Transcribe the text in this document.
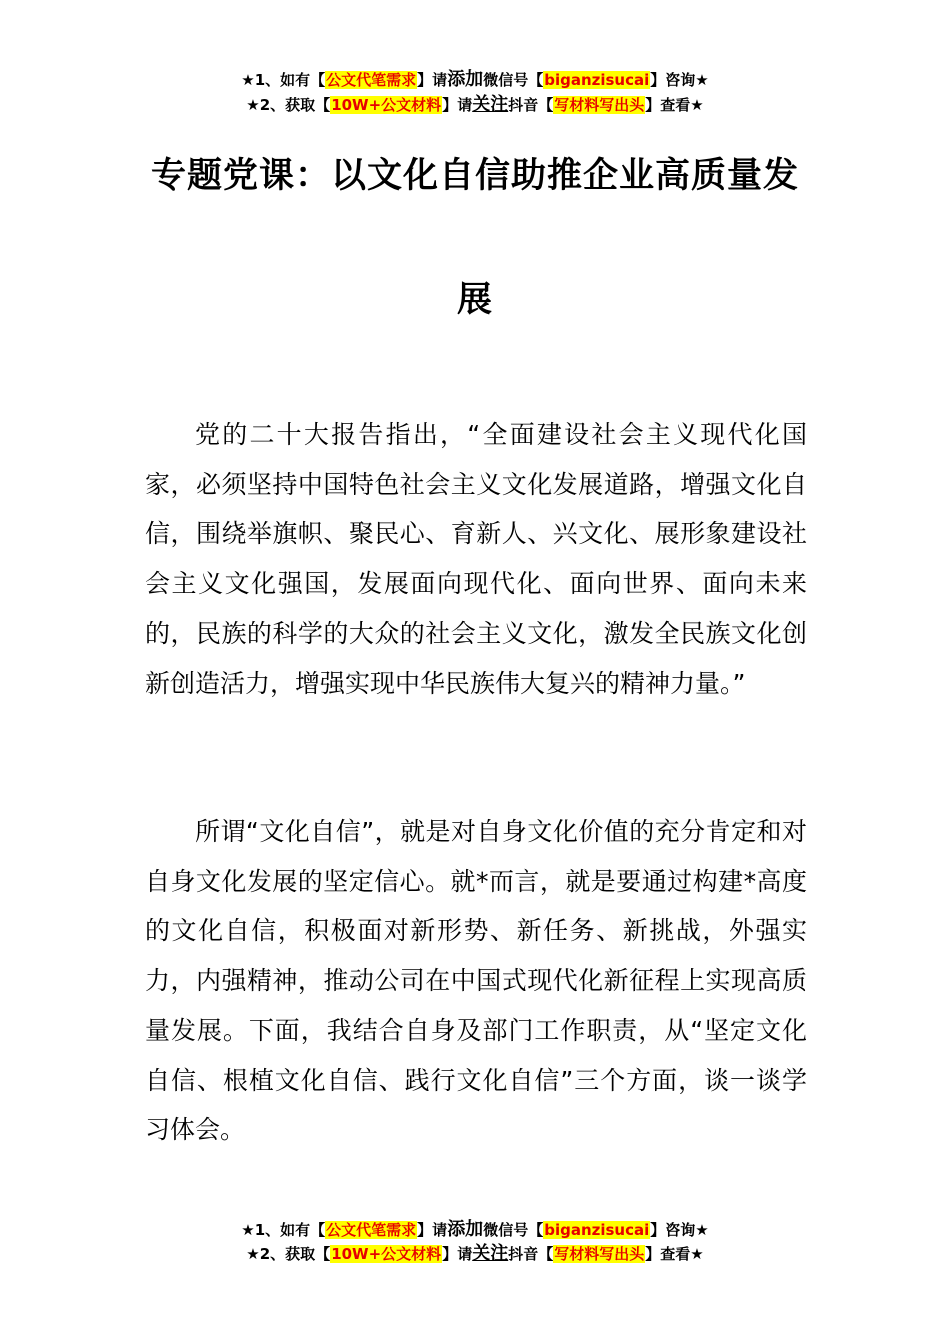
★1、如有【公文代笔需求】请添加微信号【biganzisucai】咨询★
★2、获取【10W+公文材料】请关注抖音【写材料写出头】查看★
专题党课：以文化自信助推企业高质量发
展

党的二十大报告指出，“全面建设社会主义现代化国家，必须坚持中国特色社会主义文化发展道路，增强文化自信，围绕举旗帜、聚民心、育新人、兴文化、展形象建设社会主义文化强国，发展面向现代化、面向世界、面向未来的，民族的科学的大众的社会主义文化，激发全民族文化创新创造活力，增强实现中华民族伟大复兴的精神力量。”

所谓“文化自信”，就是对自身文化价值的充分肯定和对自身文化发展的坚定信心。就*而言，就是要通过构建*高度的文化自信，积极面对新形势、新任务、新挑战，外强实力，内强精神，推动公司在中国式现代化新征程上实现高质量发展。下面，我结合自身及部门工作职责，从“坚定文化自信、根植文化自信、践行文化自信”三个方面，谈一谈学习体会。

★1、如有【公文代笔需求】请添加微信号【biganzisucai】咨询★
★2、获取【10W+公文材料】请关注抖音【写材料写出头】查看★
